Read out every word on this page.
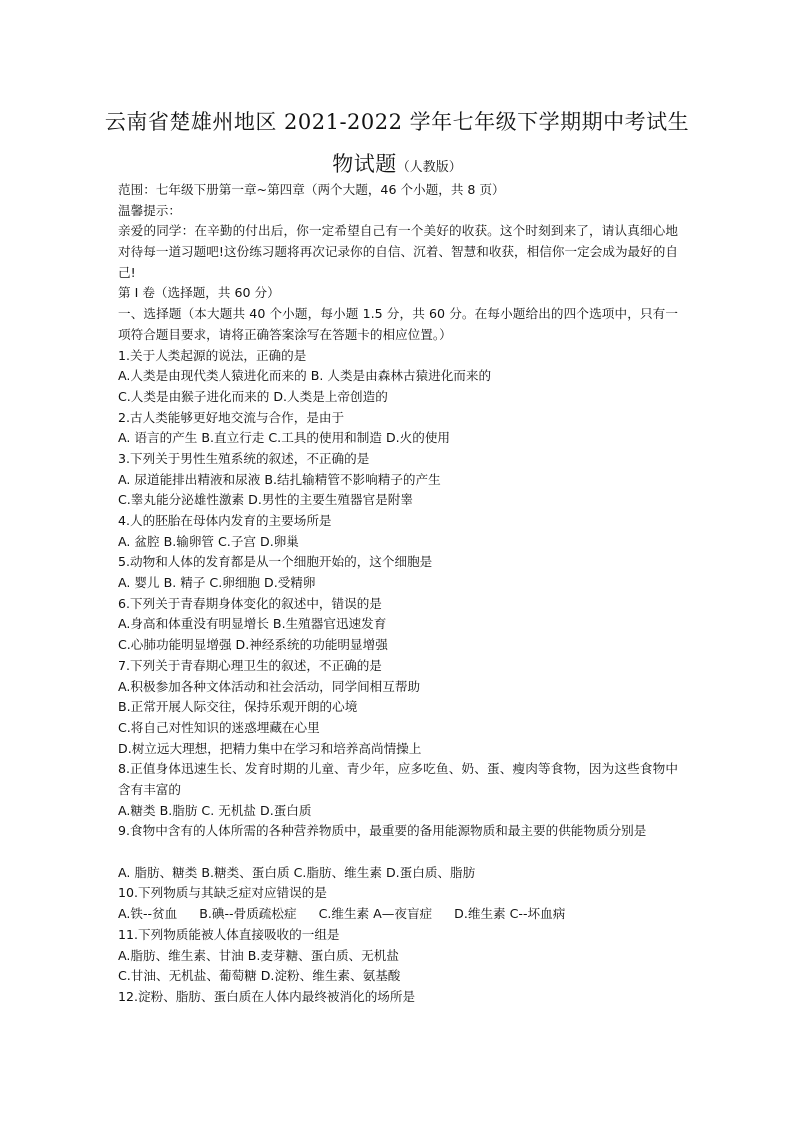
云南省楚雄州地区 2021-2022 学年七年级下学期期中考试生
物试题（人教版）
范围：七年级下册第一章~第四章（两个大题，46 个小题，共 8 页）
温馨提示：
亲爱的同学：在辛勤的付出后，你一定希望自己有一个美好的收获。这个时刻到来了，请认真细心地对待每一道习题吧!这份练习题将再次记录你的自信、沉着、智慧和收获，相信你一定会成为最好的自己!
第 I 卷（选择题，共 60 分）
一、选择题（本大题共 40 个小题，每小题 1.5 分，共 60 分。在每小题给出的四个选项中，只有一项符合题目要求，请将正确答案涂写在答题卡的相应位置。）
1.关于人类起源的说法，正确的是
A.人类是由现代类人猿进化而来的 B. 人类是由森林古猿进化而来的
C.人类是由猴子进化而来的 D.人类是上帝创造的
2.古人类能够更好地交流与合作，是由于
A. 语言的产生 B.直立行走 C.工具的使用和制造 D.火的使用
3.下列关于男性生殖系统的叙述，不正确的是
A. 尿道能排出精液和尿液 B.结扎输精管不影响精子的产生
C.睾丸能分泌雄性激素 D.男性的主要生殖器官是附睾
4.人的胚胎在母体内发育的主要场所是
A. 盆腔 B.输卵管 C.子宫 D.卵巢
5.动物和人体的发育都是从一个细胞开始的，这个细胞是
A. 婴儿 B. 精子 C.卵细胞 D.受精卵
6.下列关于青春期身体变化的叙述中，错误的是
A.身高和体重没有明显增长 B.生殖器官迅速发育
C.心肺功能明显增强 D.神经系统的功能明显增强
7.下列关于青春期心理卫生的叙述，不正确的是
A.积极参加各种文体活动和社会活动，同学间相互帮助
B.正常开展人际交往，保持乐观开朗的心境
C.将自己对性知识的迷惑埋藏在心里
D.树立远大理想，把精力集中在学习和培养高尚情操上
8.正值身体迅速生长、发育时期的儿童、青少年，应多吃鱼、奶、蛋、瘦肉等食物，因为这些食物中含有丰富的
A.糖类 B.脂肪 C. 无机盐 D.蛋白质
9.食物中含有的人体所需的各种营养物质中，最重要的备用能源物质和最主要的供能物质分别是
A. 脂肪、糖类 B.糖类、蛋白质 C.脂肪、维生素 D.蛋白质、脂肪
10.下列物质与其缺乏症对应错误的是
A.铁--贫血 B.碘--骨质疏松症 C.维生素 A—夜盲症 D.维生素 C--坏血病
11.下列物质能被人体直接吸收的一组是
A.脂肪、维生素、甘油 B.麦芽糖、蛋白质、无机盐
C.甘油、无机盐、葡萄糖 D.淀粉、维生素、氨基酸
12.淀粉、脂肪、蛋白质在人体内最终被消化的场所是
